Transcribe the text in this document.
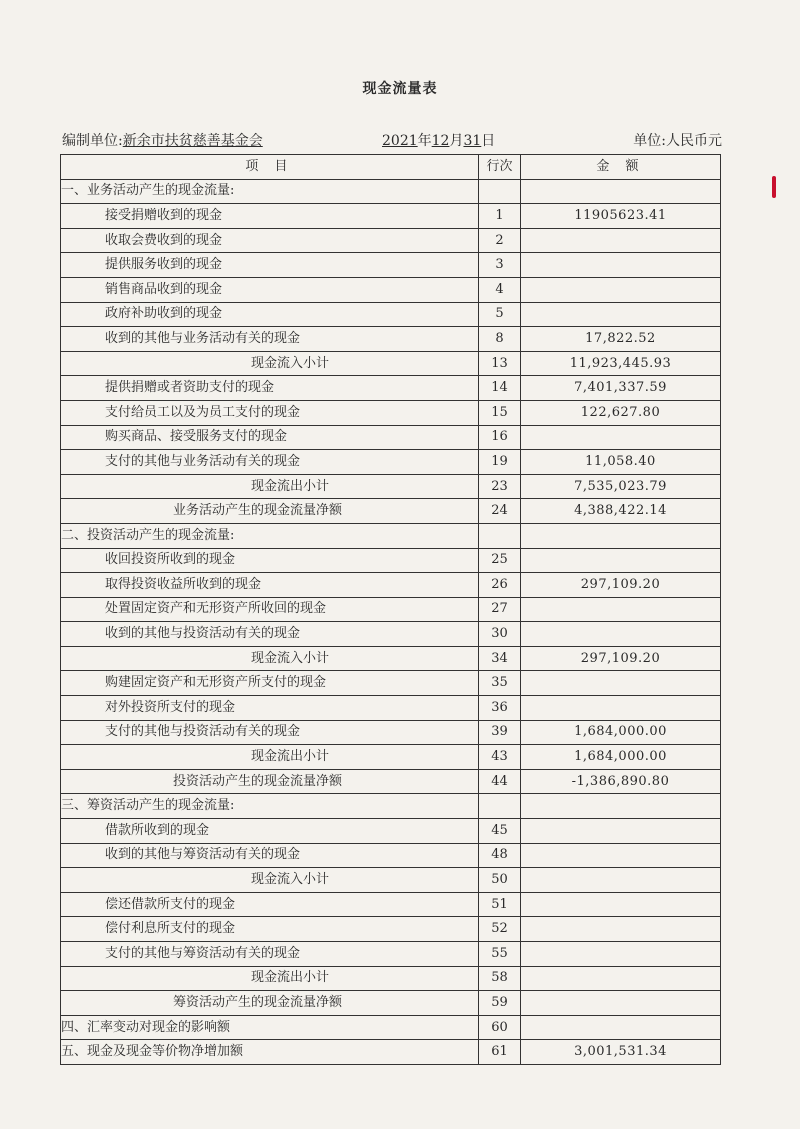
现金流量表
编制单位:新余市扶贫慈善基金会	2021年12月31日	单位:人民币元
项 目	行次	金 额
一、业务活动产生的现金流量:		
接受捐赠收到的现金	1	11905623.41
收取会费收到的现金	2	
提供服务收到的现金	3	
销售商品收到的现金	4	
政府补助收到的现金	5	
收到的其他与业务活动有关的现金	8	17,822.52
现金流入小计	13	11,923,445.93
提供捐赠或者资助支付的现金	14	7,401,337.59
支付给员工以及为员工支付的现金	15	122,627.80
购买商品、接受服务支付的现金	16	
支付的其他与业务活动有关的现金	19	11,058.40
现金流出小计	23	7,535,023.79
业务活动产生的现金流量净额	24	4,388,422.14
二、投资活动产生的现金流量:		
收回投资所收到的现金	25	
取得投资收益所收到的现金	26	297,109.20
处置固定资产和无形资产所收回的现金	27	
收到的其他与投资活动有关的现金	30	
现金流入小计	34	297,109.20
购建固定资产和无形资产所支付的现金	35	
对外投资所支付的现金	36	
支付的其他与投资活动有关的现金	39	1,684,000.00
现金流出小计	43	1,684,000.00
投资活动产生的现金流量净额	44	-1,386,890.80
三、筹资活动产生的现金流量:		
借款所收到的现金	45	
收到的其他与筹资活动有关的现金	48	
现金流入小计	50	
偿还借款所支付的现金	51	
偿付利息所支付的现金	52	
支付的其他与筹资活动有关的现金	55	
现金流出小计	58	
筹资活动产生的现金流量净额	59	
四、汇率变动对现金的影响额	60	
五、现金及现金等价物净增加额	61	3,001,531.34
